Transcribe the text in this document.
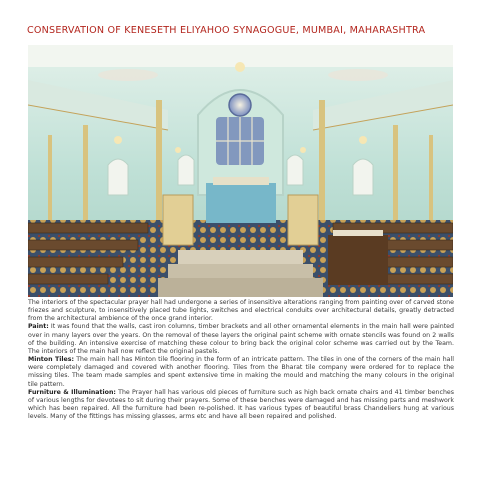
CONSERVATION OF KENESETH ELIYAHOO SYNAGOGUE, MUMBAI, MAHARASHTRA

The interiors of the spectacular prayer hall had undergone a series of insensitive alterations ranging from painting over of carved stone friezes and sculpture, to insensitively placed tube lights, switches and electrical conduits over architectural details, greatly detracted from the architectural ambience of the once grand interior.

Paint: It was found that the walls, cast iron columns, timber brackets and all other ornamental elements in the main hall were painted over in many layers over the years. On the removal of these layers the original paint scheme with ornate stencils was found on 2 walls of the building. An intensive exercise of matching these colour to bring back the original color scheme was carried out by the Team. The interiors of the main hall now reflect the original pastels.

Minton Tiles: The main hall has Minton tile flooring in the form of an intricate pattern. The tiles in one of the corners of the main hall were completely damaged and covered with another flooring. Tiles from the Bharat tile company were ordered for to replace the missing tiles. The team made samples and spent extensive time in making the mould and matching the many colours in the original tile pattern.

Furniture & Illumination: The Prayer hall has various old pieces of furniture such as high back ornate chairs and 41 timber benches of various lengths for devotees to sit during their prayers. Some of these benches were damaged and has missing parts and meshwork which has been repaired. All the furniture had been re-polished. It has various types of beautiful brass Chandeliers hung at various levels. Many of the fittings has missing glasses, arms etc and have all been repaired and polished.
